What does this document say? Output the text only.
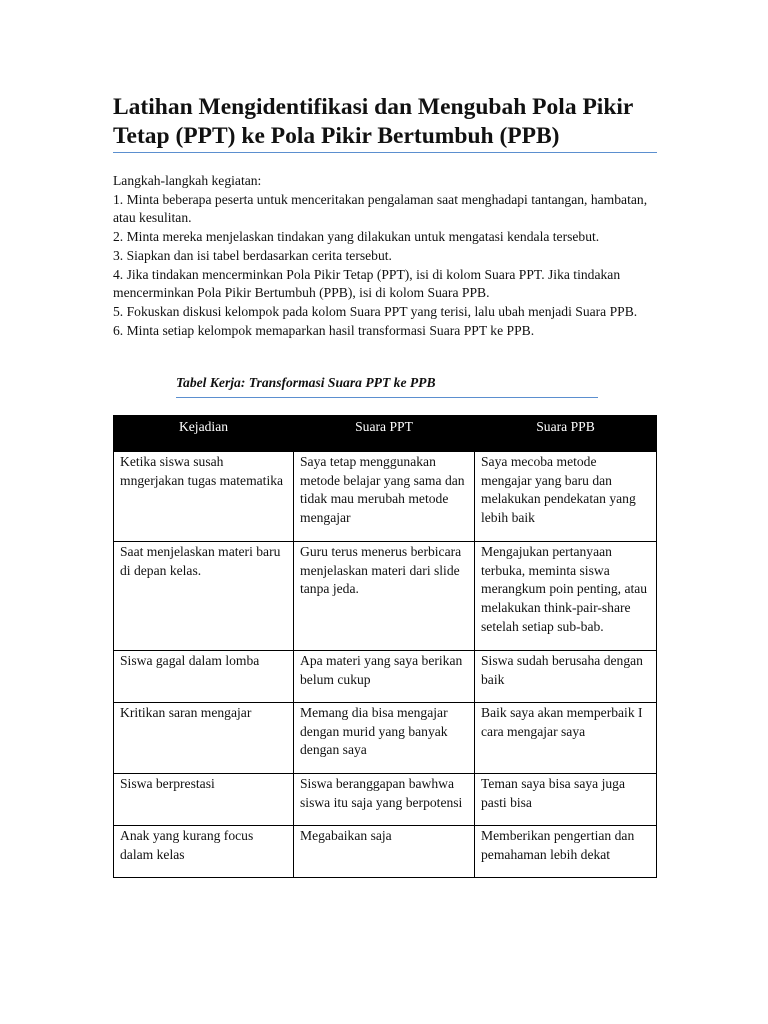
Latihan Mengidentifikasi dan Mengubah Pola Pikir
Tetap (PPT) ke Pola Pikir Bertumbuh (PPB)

Langkah-langkah kegiatan:

1. Minta beberapa peserta untuk menceritakan pengalaman saat menghadapi tantangan, hambatan, atau kesulitan.

2. Minta mereka menjelaskan tindakan yang dilakukan untuk mengatasi kendala tersebut.

3. Siapkan dan isi tabel berdasarkan cerita tersebut.

4. Jika tindakan mencerminkan Pola Pikir Tetap (PPT), isi di kolom Suara PPT. Jika tindakan mencerminkan Pola Pikir Bertumbuh (PPB), isi di kolom Suara PPB.

5. Fokuskan diskusi kelompok pada kolom Suara PPT yang terisi, lalu ubah menjadi Suara PPB.

6. Minta setiap kelompok memaparkan hasil transformasi Suara PPT ke PPB.

Tabel Kerja: Transformasi Suara PPT ke PPB
Kejadian	Suara PPT	Suara PPB
Ketika siswa susah mngerjakan tugas matematika	Saya tetap menggunakan metode belajar yang sama dan tidak mau merubah metode mengajar	Saya mecoba metode mengajar yang baru dan melakukan pendekatan yang lebih baik
Saat menjelaskan materi baru di depan kelas.	Guru terus menerus berbicara menjelaskan materi dari slide tanpa jeda.	Mengajukan pertanyaan terbuka, meminta siswa merangkum poin penting, atau melakukan think-pair-share setelah setiap sub-bab.
Siswa gagal dalam lomba	Apa materi yang saya berikan belum cukup	Siswa sudah berusaha dengan baik
Kritikan saran mengajar	Memang dia bisa mengajar dengan murid yang banyak dengan saya	Baik saya akan memperbaik I cara mengajar saya
Siswa berprestasi	Siswa beranggapan bawhwa siswa itu saja yang berpotensi	Teman saya bisa saya juga pasti bisa
Anak yang kurang focus dalam kelas	Megabaikan saja	Memberikan pengertian dan pemahaman lebih dekat
